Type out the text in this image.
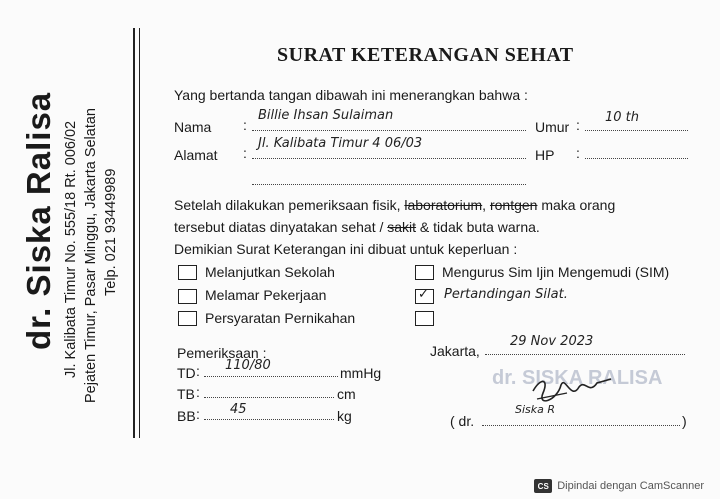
dr. Siska Ralisa Jl. Kalibata Timur No. 555/18 Rt. 006/02 Pejaten Timur, Pasar Minggu, Jakarta Selatan Telp. 021 93449989
SURAT KETERANGAN SEHAT
Yang bertanda tangan dibawah ini menerangkan bahwa :
Nama :
Billie Ihsan Sulaiman
Umur : 10 th
Alamat :
Jl. Kalibata Timur 4 06/03
HP :
Setelah dilakukan pemeriksaan fisik, laboratorium, rontgen maka orang
tersebut diatas dinyatakan sehat / sakit & tidak buta warna.
Demikian Surat Keterangan ini dibuat untuk keperluan :
Melanjutkan Sekolah
Melamar Pekerjaan
Persyaratan Pernikahan
Mengurus Sim Ijin Mengemudi (SIM)
✓
Pertandingan Silat.
Pemeriksaan :
TD : 110/80	mmHg
TB :	cm
BB : 45	kg
Jakarta,
29 Nov 2023
dr. SISKA RALISA
( dr.
Siska R
)
CS Dipindai dengan CamScanner
